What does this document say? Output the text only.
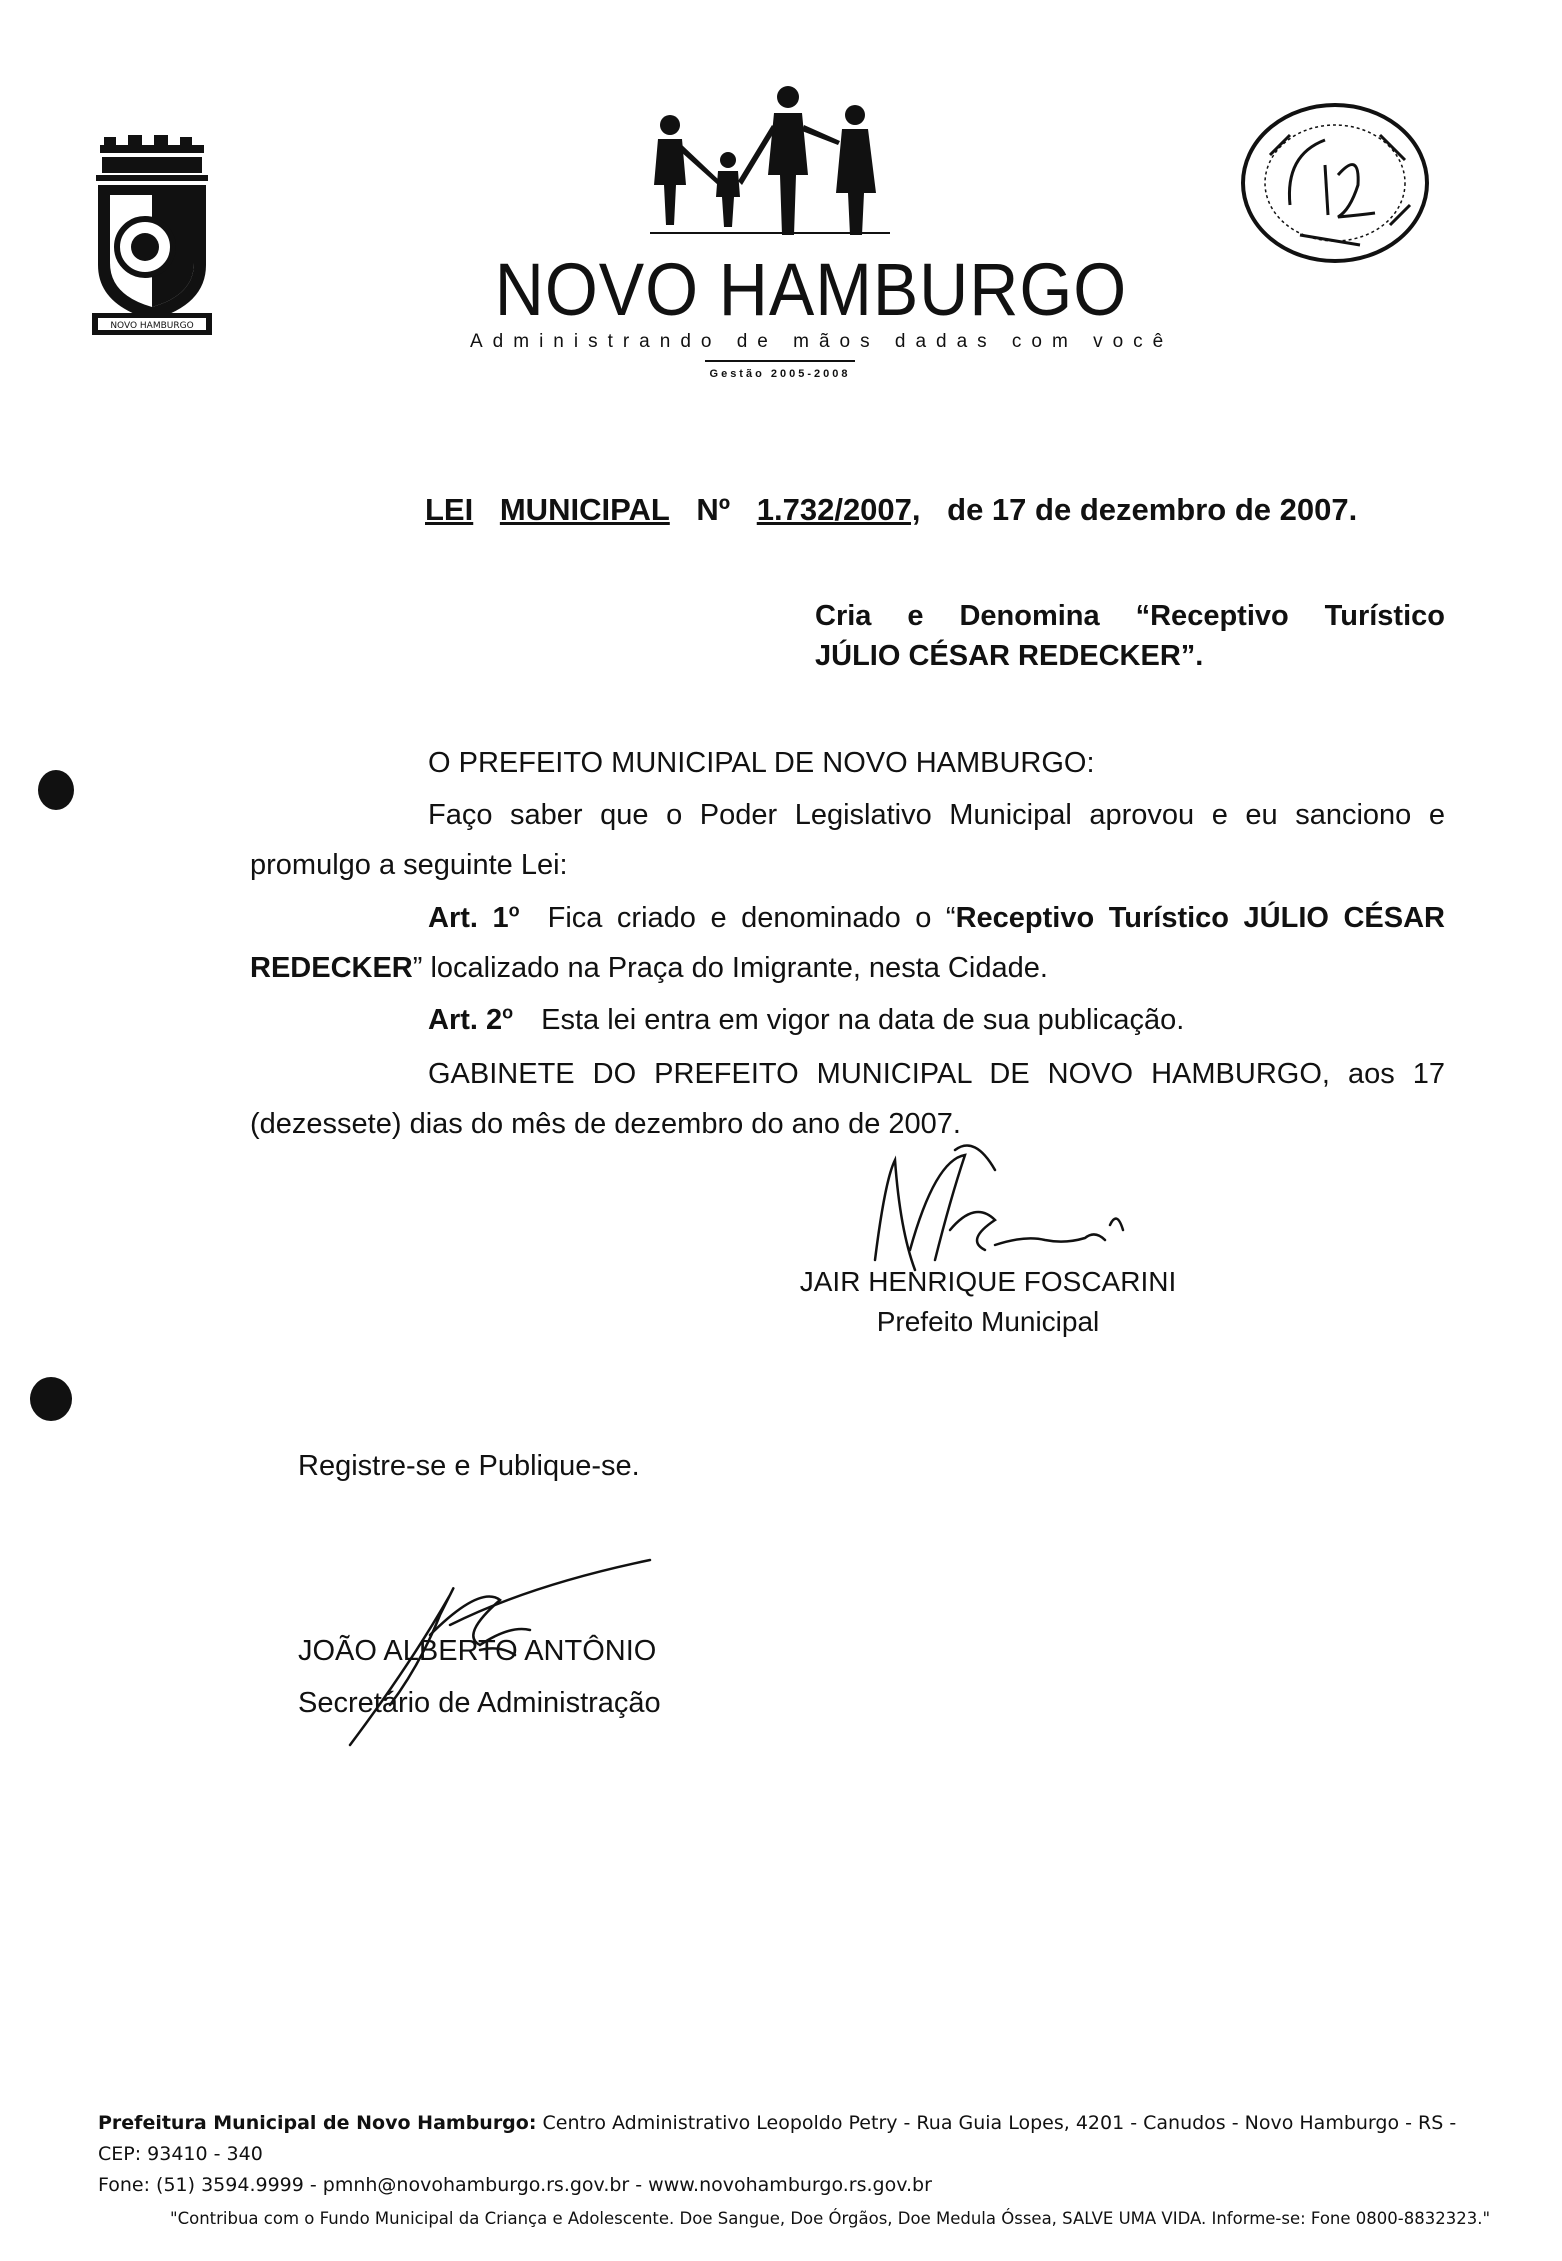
NOVO HAMBURGO	NOVO HAMBURGO
Administrando de mãos dadas com você
Gestão 2005-2008
LEI MUNICIPAL Nº 1.732/2007, de 17 de dezembro de 2007.
Cria e Denomina “Receptivo Turístico
JÚLIO CÉSAR REDECKER”.
O PREFEITO MUNICIPAL DE NOVO HAMBURGO:
Faço saber que o Poder Legislativo Municipal aprovou e eu sanciono e promulgo a seguinte Lei:
Art. 1$^o$ Fica criado e denominado o “Receptivo Turístico JÚLIO CÉSAR REDECKER” localizado na Praça do Imigrante, nesta Cidade.
Art. 2$^o$ Esta lei entra em vigor na data de sua publicação.
GABINETE DO PREFEITO MUNICIPAL DE NOVO HAMBURGO, aos 17 (dezessete) dias do mês de dezembro do ano de 2007.
JAIR HENRIQUE FOSCARINI
Prefeito Municipal
Registre-se e Publique-se.
JOÃO ALBERTO ANTÔNIO
Secretário de Administração
Prefeitura Municipal de Novo Hamburgo: Centro Administrativo Leopoldo Petry - Rua Guia Lopes, 4201 - Canudos - Novo Hamburgo - RS - CEP: 93410 - 340
Fone: (51) 3594.9999 - pmnh@novohamburgo.rs.gov.br - www.novohamburgo.rs.gov.br
"Contribua com o Fundo Municipal da Criança e Adolescente. Doe Sangue, Doe Órgãos, Doe Medula Óssea, SALVE UMA VIDA. Informe-se: Fone 0800-8832323."
